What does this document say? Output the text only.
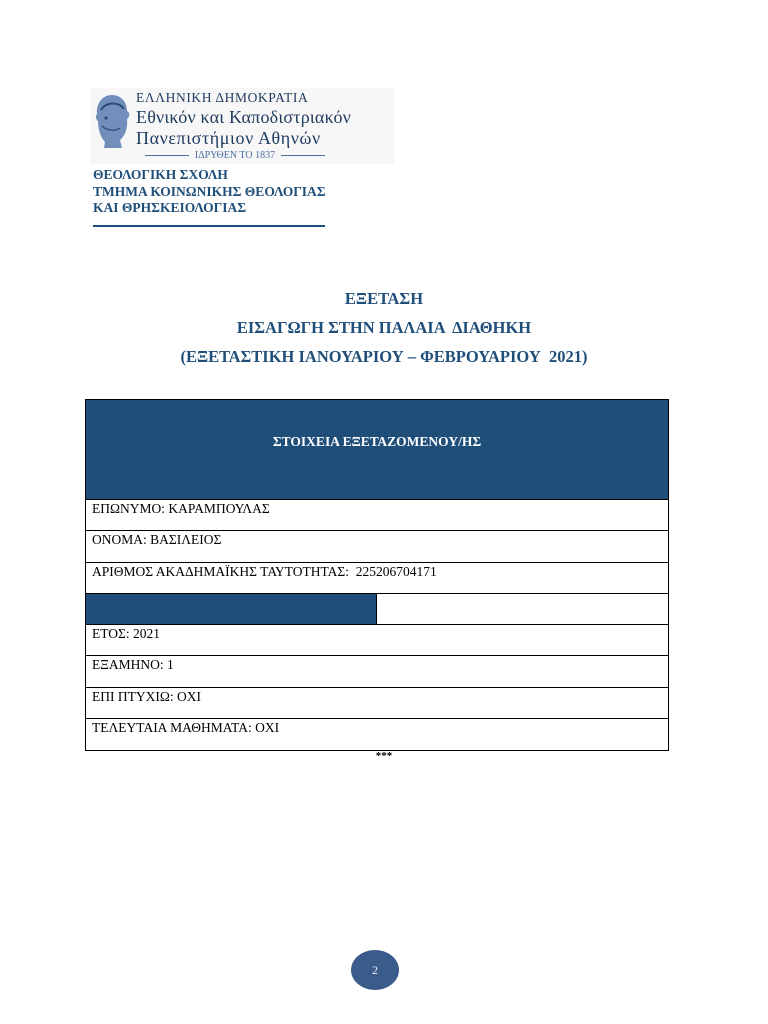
ΕΛΛΗΝΙΚΗ ΔΗΜΟΚΡΑΤΙΑ
Εθνικόν και Καποδιστριακόν
Πανεπιστήμιον Αθηνών
ΙΔΡΥΘΕΝ ΤΟ 1837
ΘΕΟΛΟΓΙΚΗ ΣΧΟΛΗ
ΤΜΗΜΑ ΚΟΙΝΩΝΙΚΗΣ ΘΕΟΛΟΓΙΑΣ
ΚΑΙ ΘΡΗΣΚΕΙΟΛΟΓΙΑΣ
ΕΞΕΤΑΣΗ
ΕΙΣΑΓΩΓΗ ΣΤΗΝ ΠΑΛΑΙΑ  ΔΙΑΘΗΚΗ
(ΕΞΕΤΑΣΤΙΚΗ ΙΑΝΟΥΑΡΙΟΥ – ΦΕΒΡΟΥΑΡΙΟΥ  2021)
ΣΤΟΙΧΕΙΑ ΕΞΕΤΑΖΟΜΕΝΟΥ/ΗΣ
ΕΠΩΝΥΜΟ: ΚΑΡΑΜΠΟΥΛΑΣ
ΟΝΟΜΑ: ΒΑΣΙΛΕΙΟΣ
ΑΡΙΘΜΟΣ ΑΚΑΔΗΜΑΪΚΗΣ ΤΑΥΤΟΤΗΤΑΣ:  225206704171
ΕΤΟΣ: 2021
ΕΞΑΜΗΝΟ: 1
ΕΠΙ ΠΤΥΧΙΩ: ΟΧΙ
ΤΕΛΕΥΤΑΙΑ ΜΑΘΗΜΑΤΑ: ΟΧΙ
***
2
